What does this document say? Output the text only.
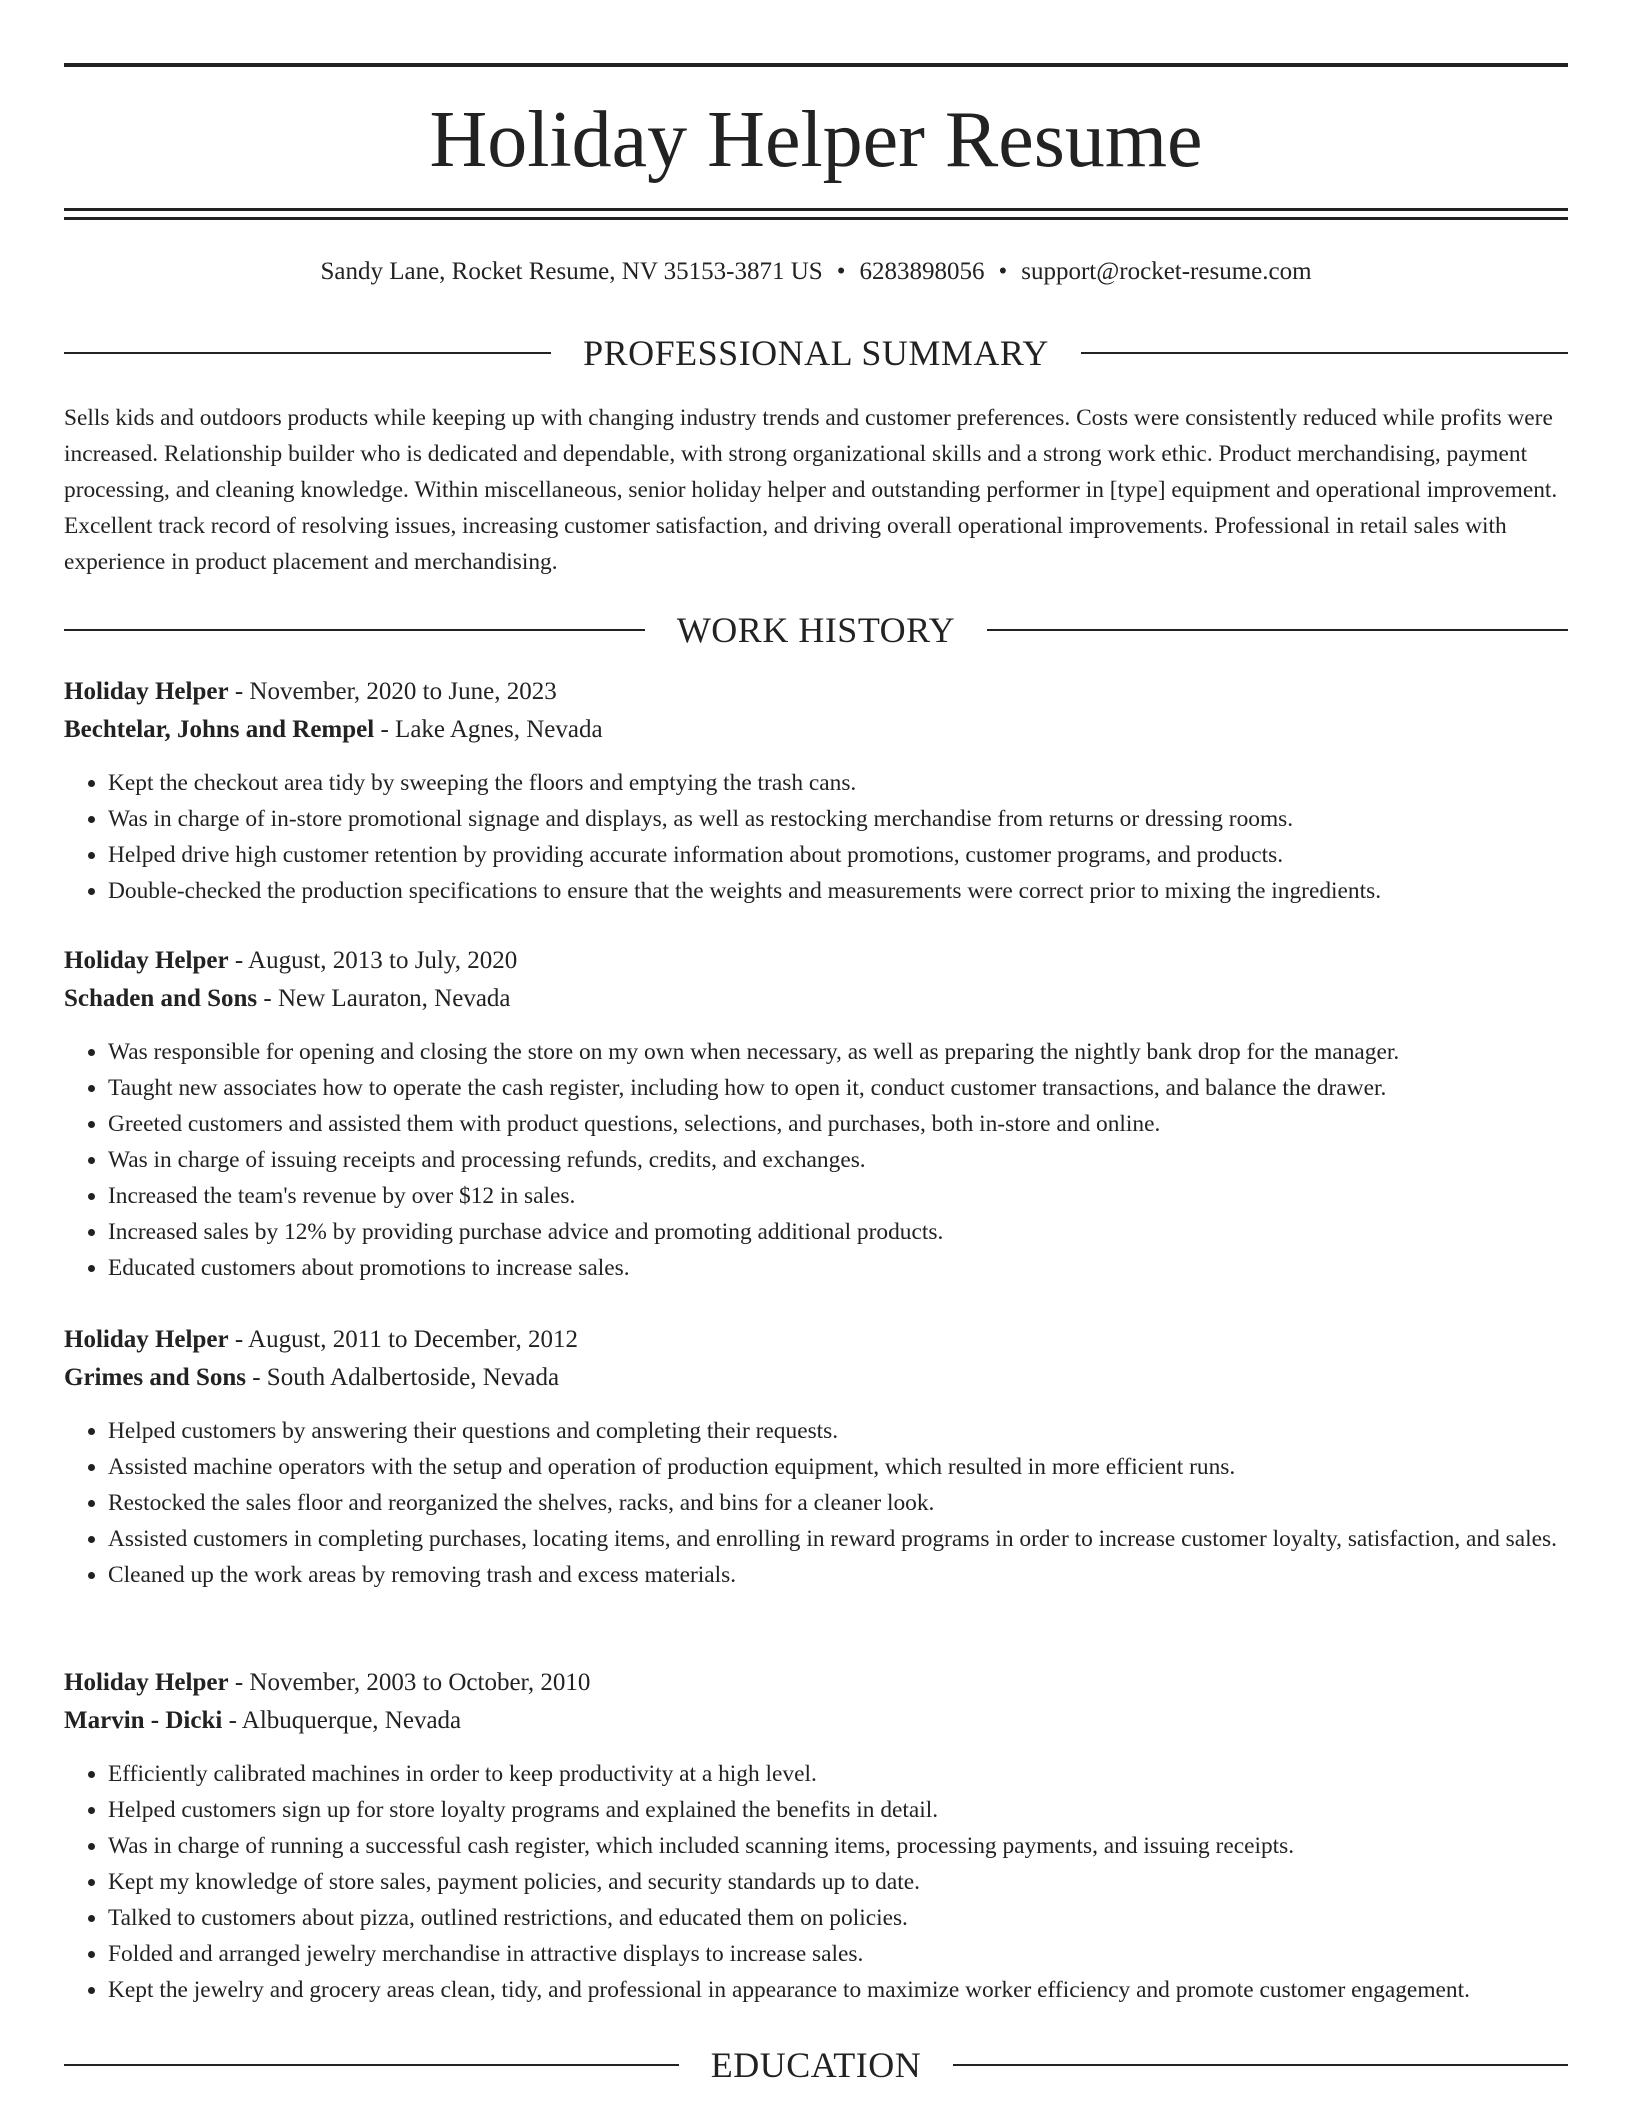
Holiday Helper Resume
Sandy Lane, Rocket Resume, NV 35153-3871 US • 6283898056 • support@rocket-resume.com
PROFESSIONAL SUMMARY

Sells kids and outdoors products while keeping up with changing industry trends and customer preferences. Costs were consistently reduced while profits were increased. Relationship builder who is dedicated and dependable, with strong organizational skills and a strong work ethic. Product merchandising, payment processing, and cleaning knowledge. Within miscellaneous, senior holiday helper and outstanding performer in [type] equipment and operational improvement. Excellent track record of resolving issues, increasing customer satisfaction, and driving overall operational improvements. Professional in retail sales with experience in product placement and merchandising.

WORK HISTORY

Holiday Helper - November, 2020 to June, 2023

Bechtelar, Johns and Rempel - Lake Agnes, Nevada

• Kept the checkout area tidy by sweeping the floors and emptying the trash cans.
• Was in charge of in-store promotional signage and displays, as well as restocking merchandise from returns or dressing rooms.
• Helped drive high customer retention by providing accurate information about promotions, customer programs, and products.
• Double-checked the production specifications to ensure that the weights and measurements were correct prior to mixing the ingredients.

Holiday Helper - August, 2013 to July, 2020

Schaden and Sons - New Lauraton, Nevada

• Was responsible for opening and closing the store on my own when necessary, as well as preparing the nightly bank drop for the manager.
• Taught new associates how to operate the cash register, including how to open it, conduct customer transactions, and balance the drawer.
• Greeted customers and assisted them with product questions, selections, and purchases, both in-store and online.
• Was in charge of issuing receipts and processing refunds, credits, and exchanges.
• Increased the team's revenue by over $12 in sales.
• Increased sales by 12% by providing purchase advice and promoting additional products.
• Educated customers about promotions to increase sales.

Holiday Helper - August, 2011 to December, 2012

Grimes and Sons - South Adalbertoside, Nevada

• Helped customers by answering their questions and completing their requests.
• Assisted machine operators with the setup and operation of production equipment, which resulted in more efficient runs.
• Restocked the sales floor and reorganized the shelves, racks, and bins for a cleaner look.
• Assisted customers in completing purchases, locating items, and enrolling in reward programs in order to increase customer loyalty, satisfaction, and sales.
• Cleaned up the work areas by removing trash and excess materials.

Holiday Helper - November, 2003 to October, 2010

Marvin - Dicki - Albuquerque, Nevada

• Efficiently calibrated machines in order to keep productivity at a high level.
• Helped customers sign up for store loyalty programs and explained the benefits in detail.
• Was in charge of running a successful cash register, which included scanning items, processing payments, and issuing receipts.
• Kept my knowledge of store sales, payment policies, and security standards up to date.
• Talked to customers about pizza, outlined restrictions, and educated them on policies.
• Folded and arranged jewelry merchandise in attractive displays to increase sales.
• Kept the jewelry and grocery areas clean, tidy, and professional in appearance to maximize worker efficiency and promote customer engagement.
EDUCATION
